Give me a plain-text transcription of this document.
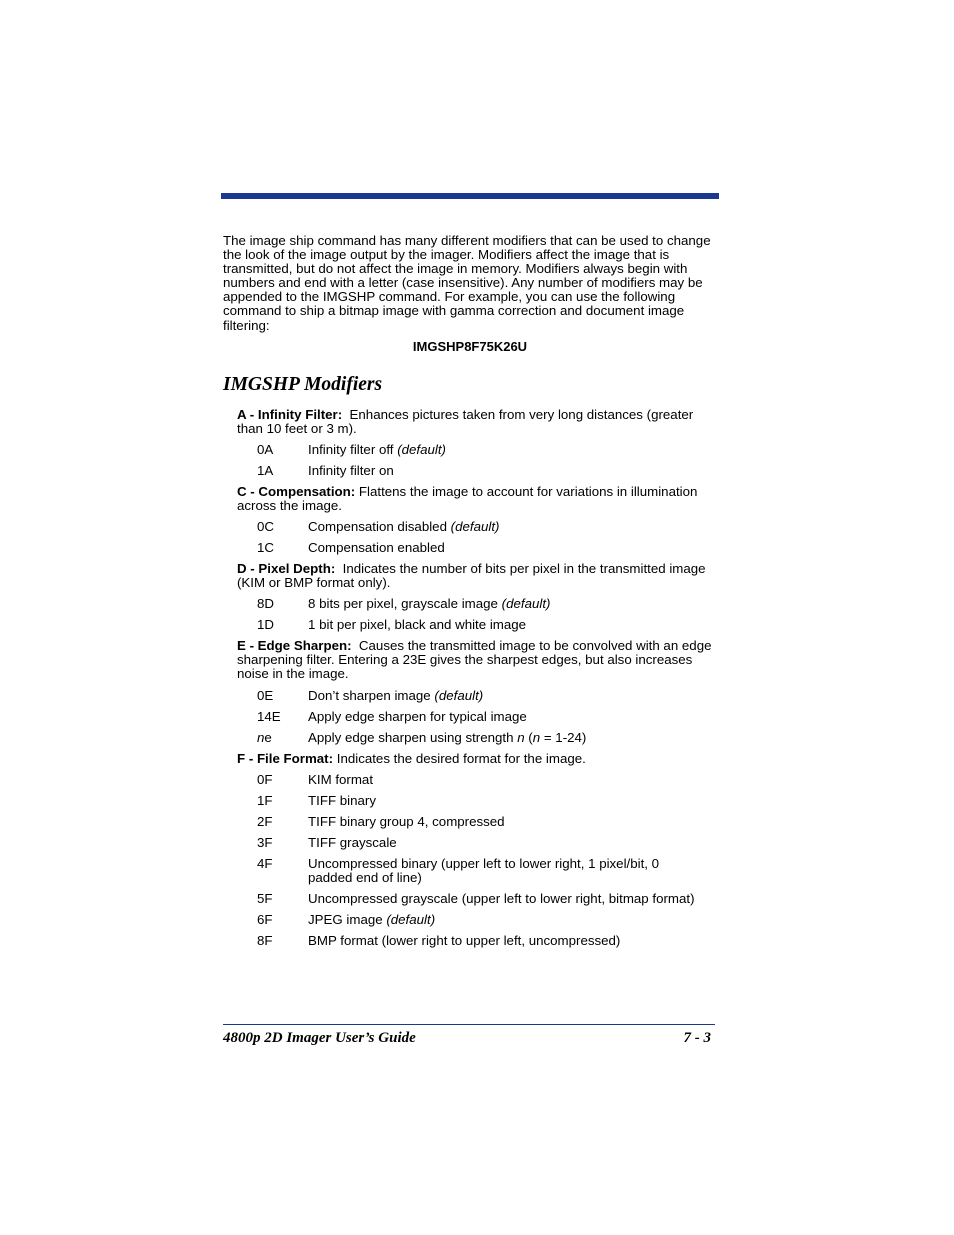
The image ship command has many different modifiers that can be used to change the look of the image output by the imager. Modifiers affect the image that is transmitted, but do not affect the image in memory. Modifiers always begin with numbers and end with a letter (case insensitive). Any number of modifiers may be appended to the IMGSHP command. For example, you can use the following command to ship a bitmap image with gamma correction and document image filtering:

IMGSHP8F75K26U
IMGSHP Modifiers

A - Infinity Filter: Enhances pictures taken from very long distances (greater than 10 feet or 3 m).

0A	Infinity filter off (default)
1A	Infinity filter on

C - Compensation: Flattens the image to account for variations in illumination across the image.

0C	Compensation disabled (default)
1C	Compensation enabled

D - Pixel Depth: Indicates the number of bits per pixel in the transmitted image (KIM or BMP format only).

8D	8 bits per pixel, grayscale image (default)
1D	1 bit per pixel, black and white image

E - Edge Sharpen: Causes the transmitted image to be convolved with an edge sharpening filter. Entering a 23E gives the sharpest edges, but also increases noise in the image.

0E	Don’t sharpen image (default)
14E	Apply edge sharpen for typical image
ne	Apply edge sharpen using strength n (n = 1-24)

F - File Format: Indicates the desired format for the image.

0F	KIM format
1F	TIFF binary
2F	TIFF binary group 4, compressed
3F	TIFF grayscale
4F	Uncompressed binary (upper left to lower right, 1 pixel/bit, 0 padded end of line)
5F	Uncompressed grayscale (upper left to lower right, bitmap format)
6F	JPEG image (default)
8F	BMP format (lower right to upper left, uncompressed)
4800p 2D Imager User’s Guide	7 - 3
